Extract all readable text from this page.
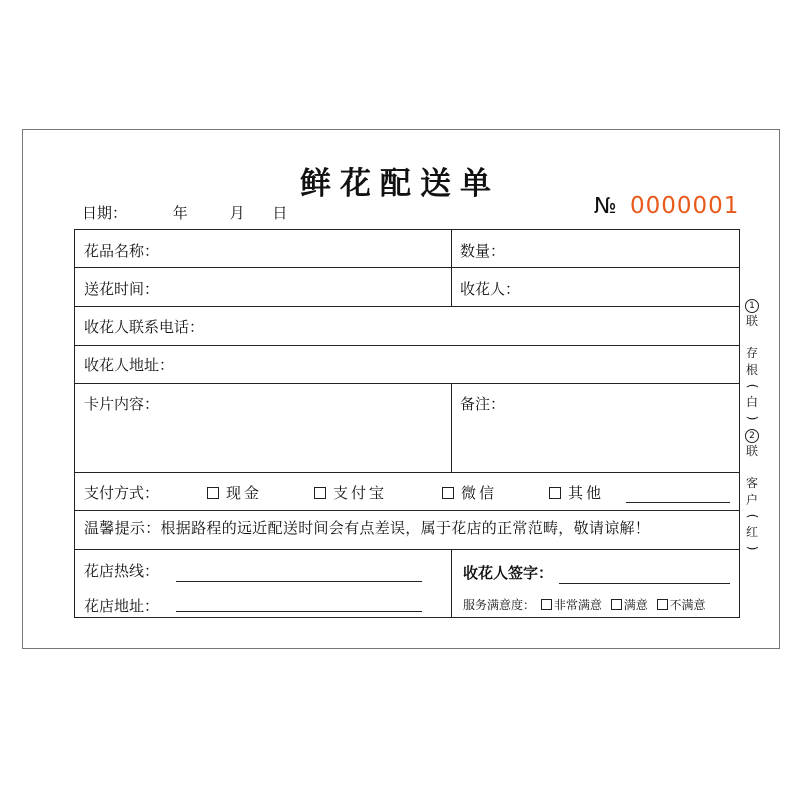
鲜花配送单
日期：	年	月 日	№ 0000001
花品名称：	数量：
送花时间：	收花人：
收花人联系电话：
收花人地址：
卡片内容：	备注：
支付方式：	现金	支付宝	微信	其他
温馨提示：根据路程的远近配送时间会有点差误，属于花店的正常范畴，敬请谅解！
花店热线：
花店地址：
收花人签字：
服务满意度： 非常满意 满意 不满意
1
联

存
根
(
白
)
2
联

客
户
(
红
)
